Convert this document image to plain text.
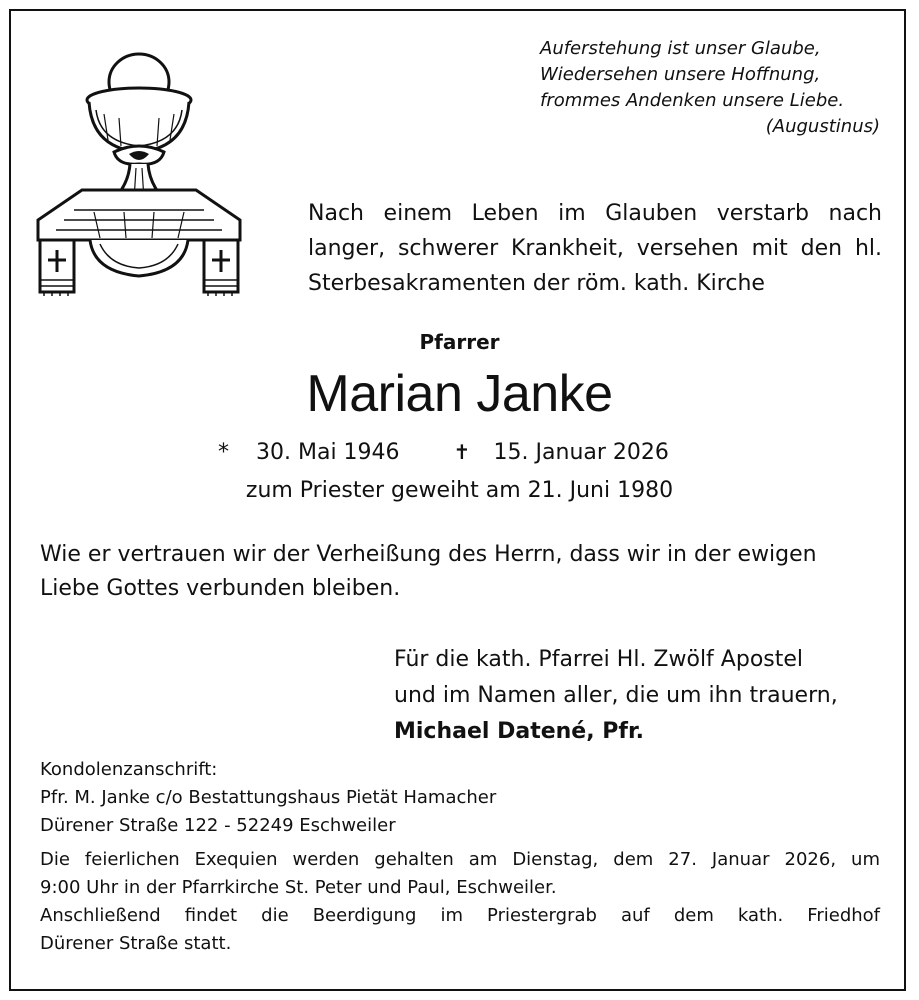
Auferstehung ist unser Glaube,
Wiedersehen unsere Hoffnung,
frommes Andenken unsere Liebe.
(Augustinus)
Nach einem Leben im Glauben verstarb nach
langer, schwerer Krankheit, versehen mit den hl.
Sterbesakramenten der röm. kath. Kirche
Pfarrer
Marian Janke
* 30. Mai 1946	✝ 15. Januar 2026
zum Priester geweiht am 21. Juni 1980
Wie er vertrauen wir der Verheißung des Herrn, dass wir in der ewigen Liebe Gottes verbunden bleiben.
Für die kath. Pfarrei Hl. Zwölf Apostel
und im Namen aller, die um ihn trauern,
Michael Datené, Pfr.
Kondolenzanschrift:
Pfr. M. Janke c/o Bestattungshaus Pietät Hamacher
Dürener Straße 122 - 52249 Eschweiler
Die feierlichen Exequien werden gehalten am Dienstag, dem 27. Januar 2026, um
9:00 Uhr in der Pfarrkirche St. Peter und Paul, Eschweiler.
Anschließend findet die Beerdigung im Priestergrab auf dem kath. Friedhof
Dürener Straße statt.
